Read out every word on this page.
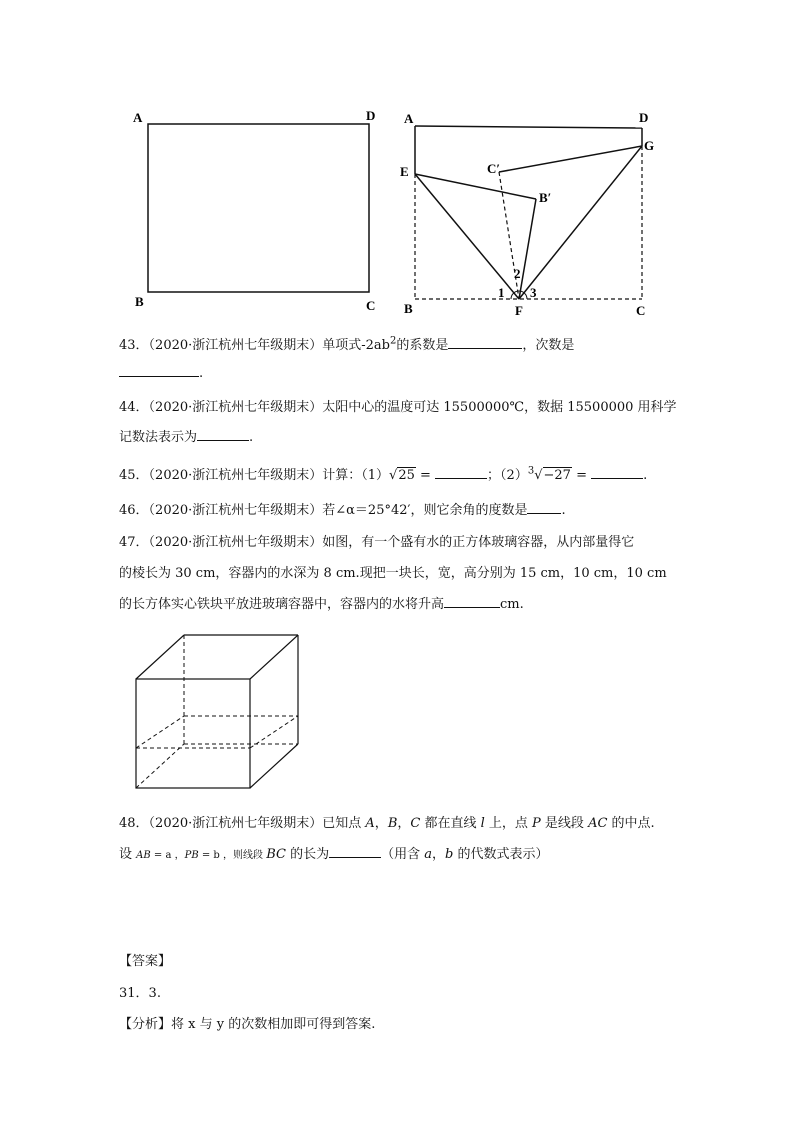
A	D
B	C
A	D
G
E	C′
B′
2
1 3
B	F	C
43．（2020·浙江杭州七年级期末）单项式$-2ab^2$的系数是	，次数是
.
44．（2020·浙江杭州七年级期末）太阳中心的温度可达 15500000℃，数据 15500000 用科学
记数法表示为	.
45．（2020·浙江杭州七年级期末）计算：（1）√25 =	；$(2)^3√-27$ =	.
46．（2020·浙江杭州七年级期末）若∠α＝25°42′，则它余角的度数是	.
47．（2020·浙江杭州七年级期末）如图，有一个盛有水的正方体玻璃容器，从内部量得它
的棱长为 30 cm，容器内的水深为 8 cm.现把一块长，宽，高分别为 15 cm，10 cm，10 cm
的长方体实心铁块平放进玻璃容器中，容器内的水将升高	cm.
48．（2020·浙江杭州七年级期末）已知点 A，B，C 都在直线 l 上，点 P 是线段 AC 的中点.
设 AB = a ，PB = b ，则线段 BC 的长为	（用含 a，b 的代数式表示）
【答案】
31．3.
【分析】将 x 与 y 的次数相加即可得到答案.
